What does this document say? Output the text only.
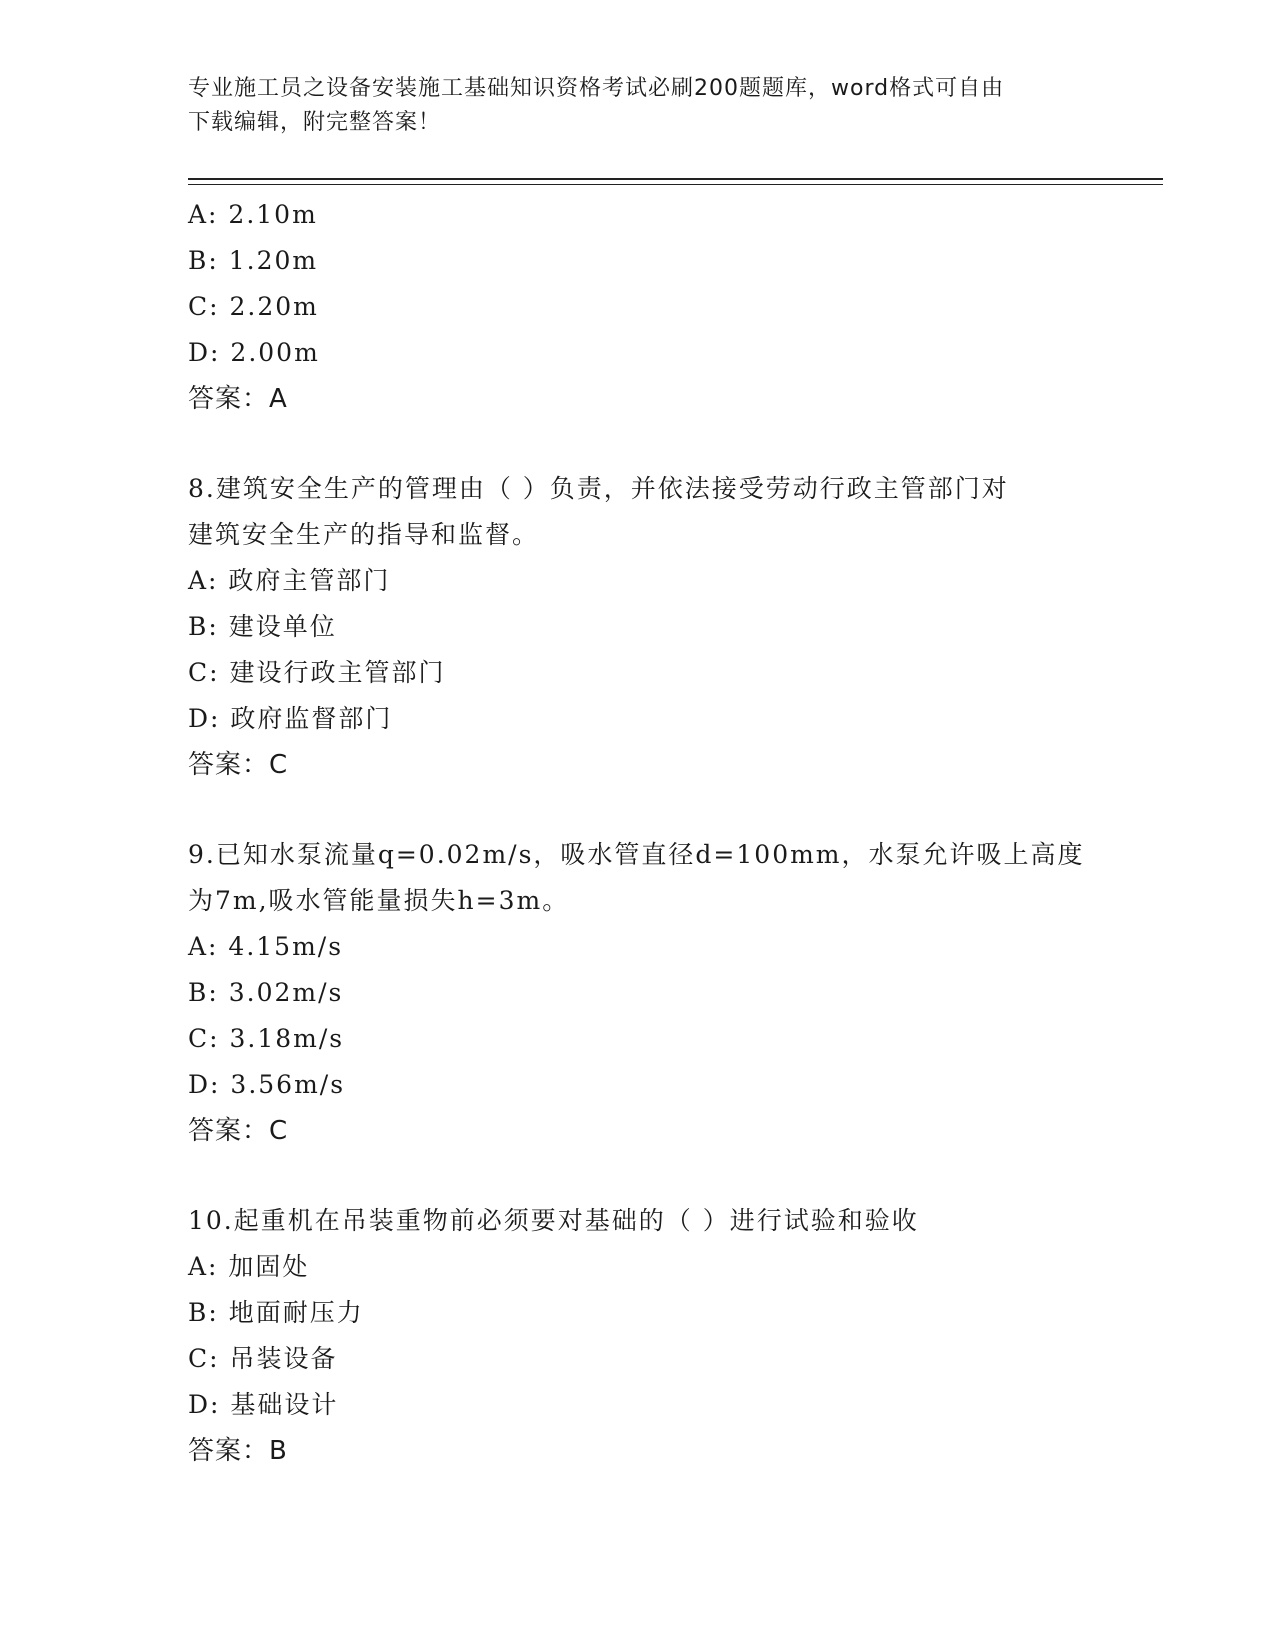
专业施工员之设备安装施工基础知识资格考试必刷200题题库，word格式可自由
下载编辑，附完整答案！
A: 2.10m
B: 1.20m
C: 2.20m
D: 2.00m
答案：A
8.建筑安全生产的管理由（ ）负责，并依法接受劳动行政主管部门对
建筑安全生产的指导和监督。
A: 政府主管部门
B: 建设单位
C: 建设行政主管部门
D: 政府监督部门
答案：C
9.已知水泵流量q=0.02m/s，吸水管直径d=100mm，水泵允许吸上高度
为7m,吸水管能量损失h=3m。
A: 4.15m/s
B: 3.02m/s
C: 3.18m/s
D: 3.56m/s
答案：C
10.起重机在吊装重物前必须要对基础的（ ）进行试验和验收
A: 加固处
B: 地面耐压力
C: 吊装设备
D: 基础设计
答案：B
